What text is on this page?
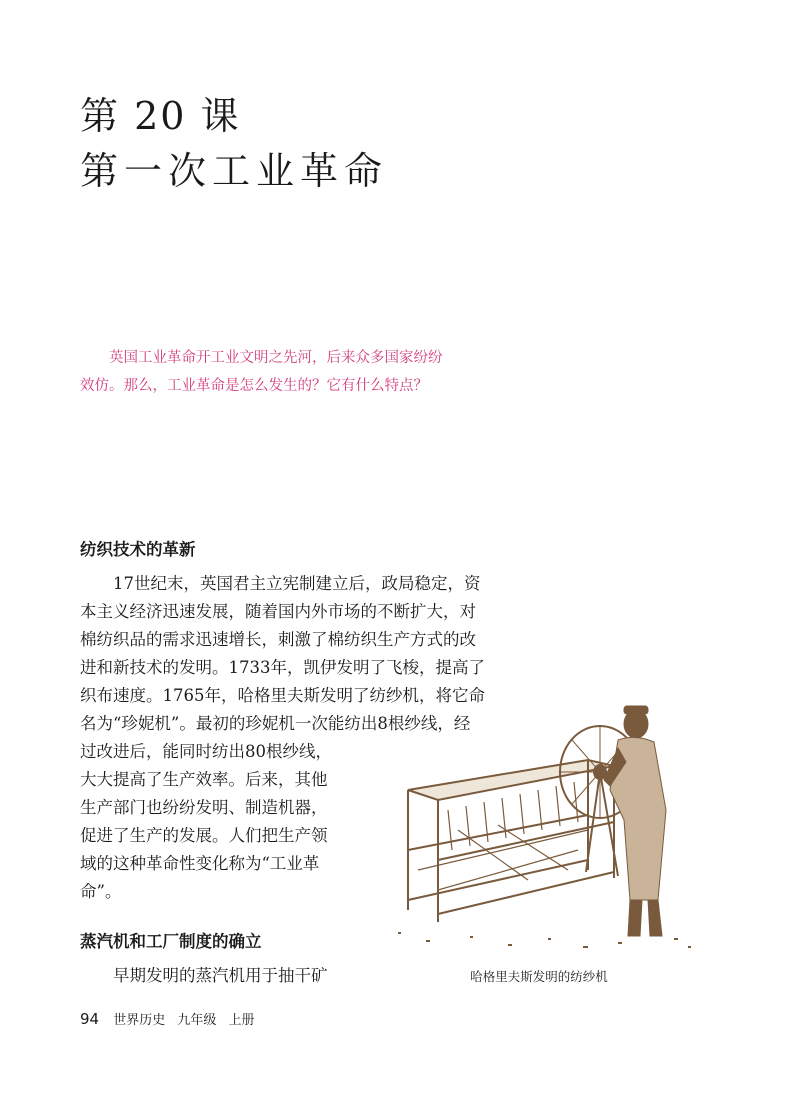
第 20 课
第一次工业革命

英国工业革命开工业文明之先河，后来众多国家纷纷

效仿。那么，工业革命是怎么发生的？它有什么特点？
纺织技术的革新

17世纪末，英国君主立宪制建立后，政局稳定，资

本主义经济迅速发展，随着国内外市场的不断扩大，对

棉纺织品的需求迅速增长，刺激了棉纺织生产方式的改

进和新技术的发明。1733年，凯伊发明了飞梭，提高了

织布速度。1765年，哈格里夫斯发明了纺纱机，将它命

名为“珍妮机”。最初的珍妮机一次能纺出8根纱线，经

过改进后，能同时纺出80根纱线，

大大提高了生产效率。后来，其他

生产部门也纷纷发明、制造机器，

促进了生产的发展。人们把生产领

域的这种革命性变化称为“工业革

命”。

哈格里夫斯发明的纺纱机
蒸汽机和工厂制度的确立

早期发明的蒸汽机用于抽干矿

94 世界历史 九年级 上册
